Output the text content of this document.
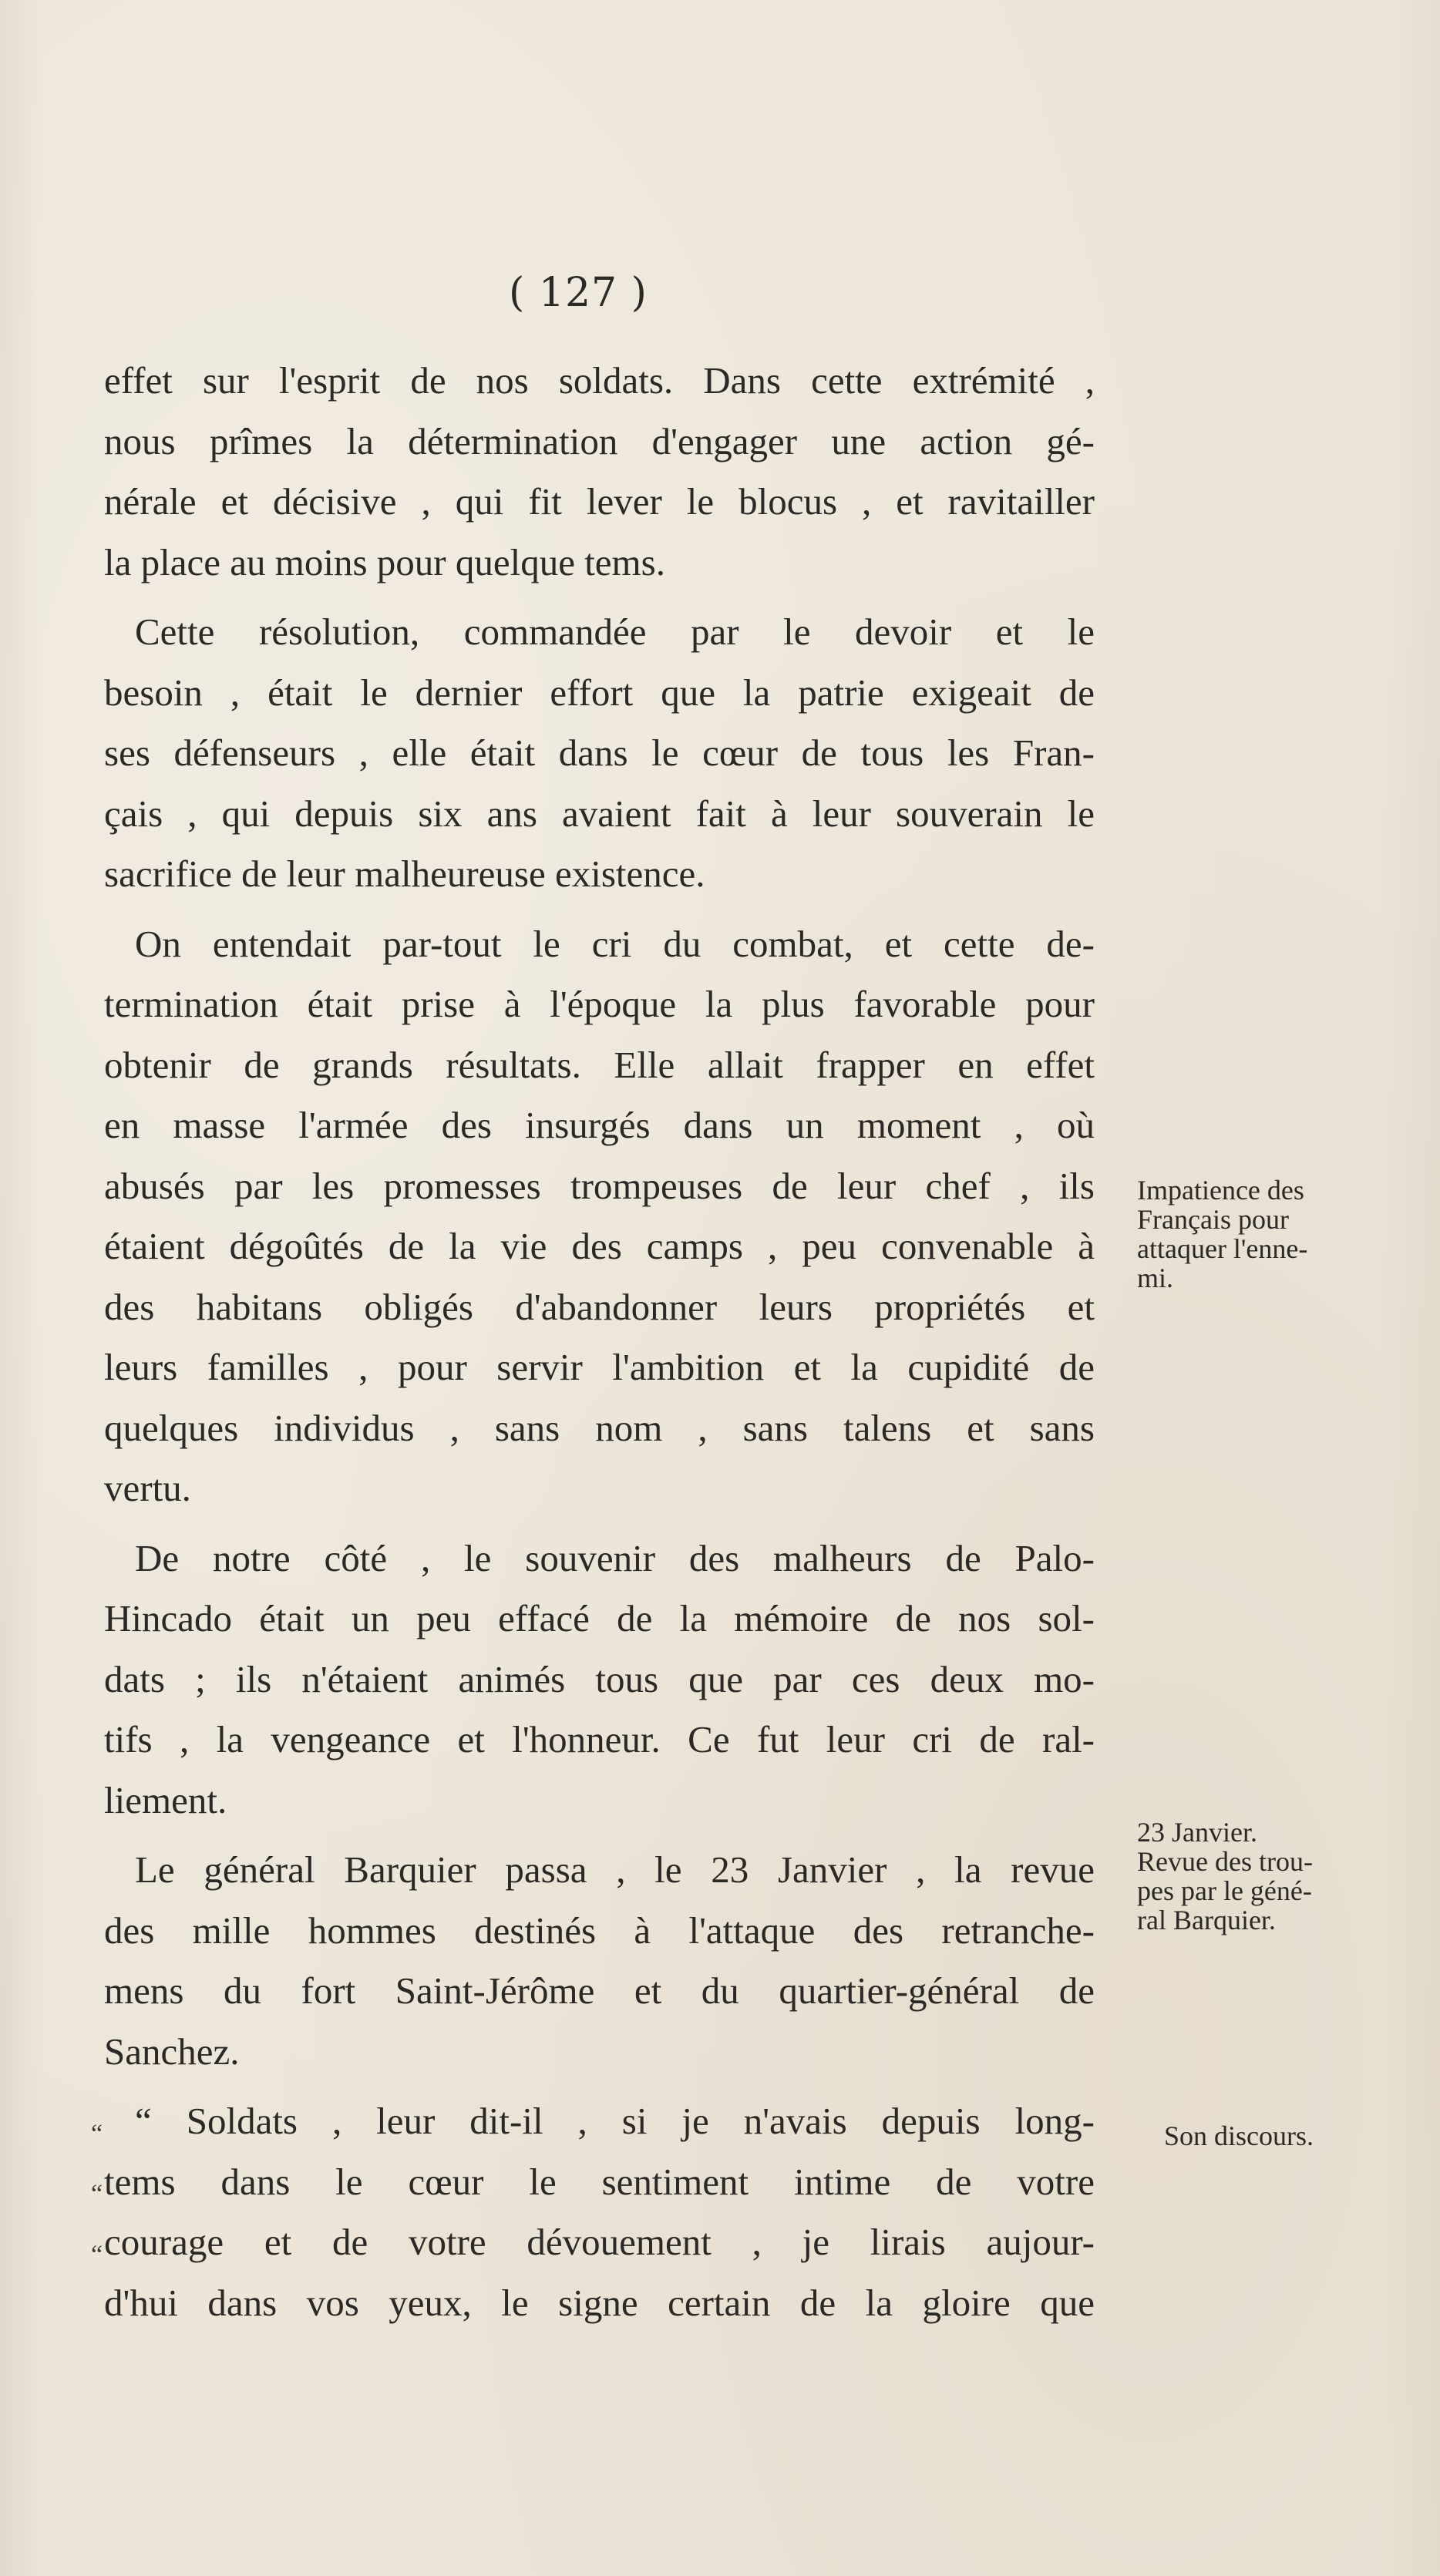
( 127 )
effet sur l'esprit de nos soldats. Dans cette extrémité ,
nous prîmes la détermination d'engager une action gé-
nérale et décisive , qui fit lever le blocus , et ravitailler
la place au moins pour quelque tems.
Cette résolution, commandée par le devoir et le
besoin , était le dernier effort que la patrie exigeait de
ses défenseurs , elle était dans le cœur de tous les Fran-
çais , qui depuis six ans avaient fait à leur souverain le
sacrifice de leur malheureuse existence.
On entendait par-tout le cri du combat, et cette de-
termination était prise à l'époque la plus favorable pour
obtenir de grands résultats. Elle allait frapper en effet
en masse l'armée des insurgés dans un moment , où
abusés par les promesses trompeuses de leur chef , ils
étaient dégoûtés de la vie des camps , peu convenable à
des habitans obligés d'abandonner leurs propriétés et
leurs familles , pour servir l'ambition et la cupidité de
quelques individus , sans nom , sans talens et sans
vertu.
De notre côté , le souvenir des malheurs de Palo-
Hincado était un peu effacé de la mémoire de nos sol-
dats ; ils n'étaient animés tous que par ces deux mo-
tifs , la vengeance et l'honneur. Ce fut leur cri de ral-
liement.
Le général Barquier passa , le 23 Janvier , la revue
des mille hommes destinés à l'attaque des retranche-
mens du fort Saint-Jérôme et du quartier-général de
Sanchez.
“ Soldats , leur dit-il , si je n'avais depuis long-
tems dans le cœur le sentiment intime de votre
courage et de votre dévouement , je lirais aujour-
d'hui dans vos yeux, le signe certain de la gloire que
“
“
“
Impatience des
Français pour
attaquer l'enne-
mi.
23 Janvier.
Revue des trou-
pes par le géné-
ral Barquier.
Son discours.
